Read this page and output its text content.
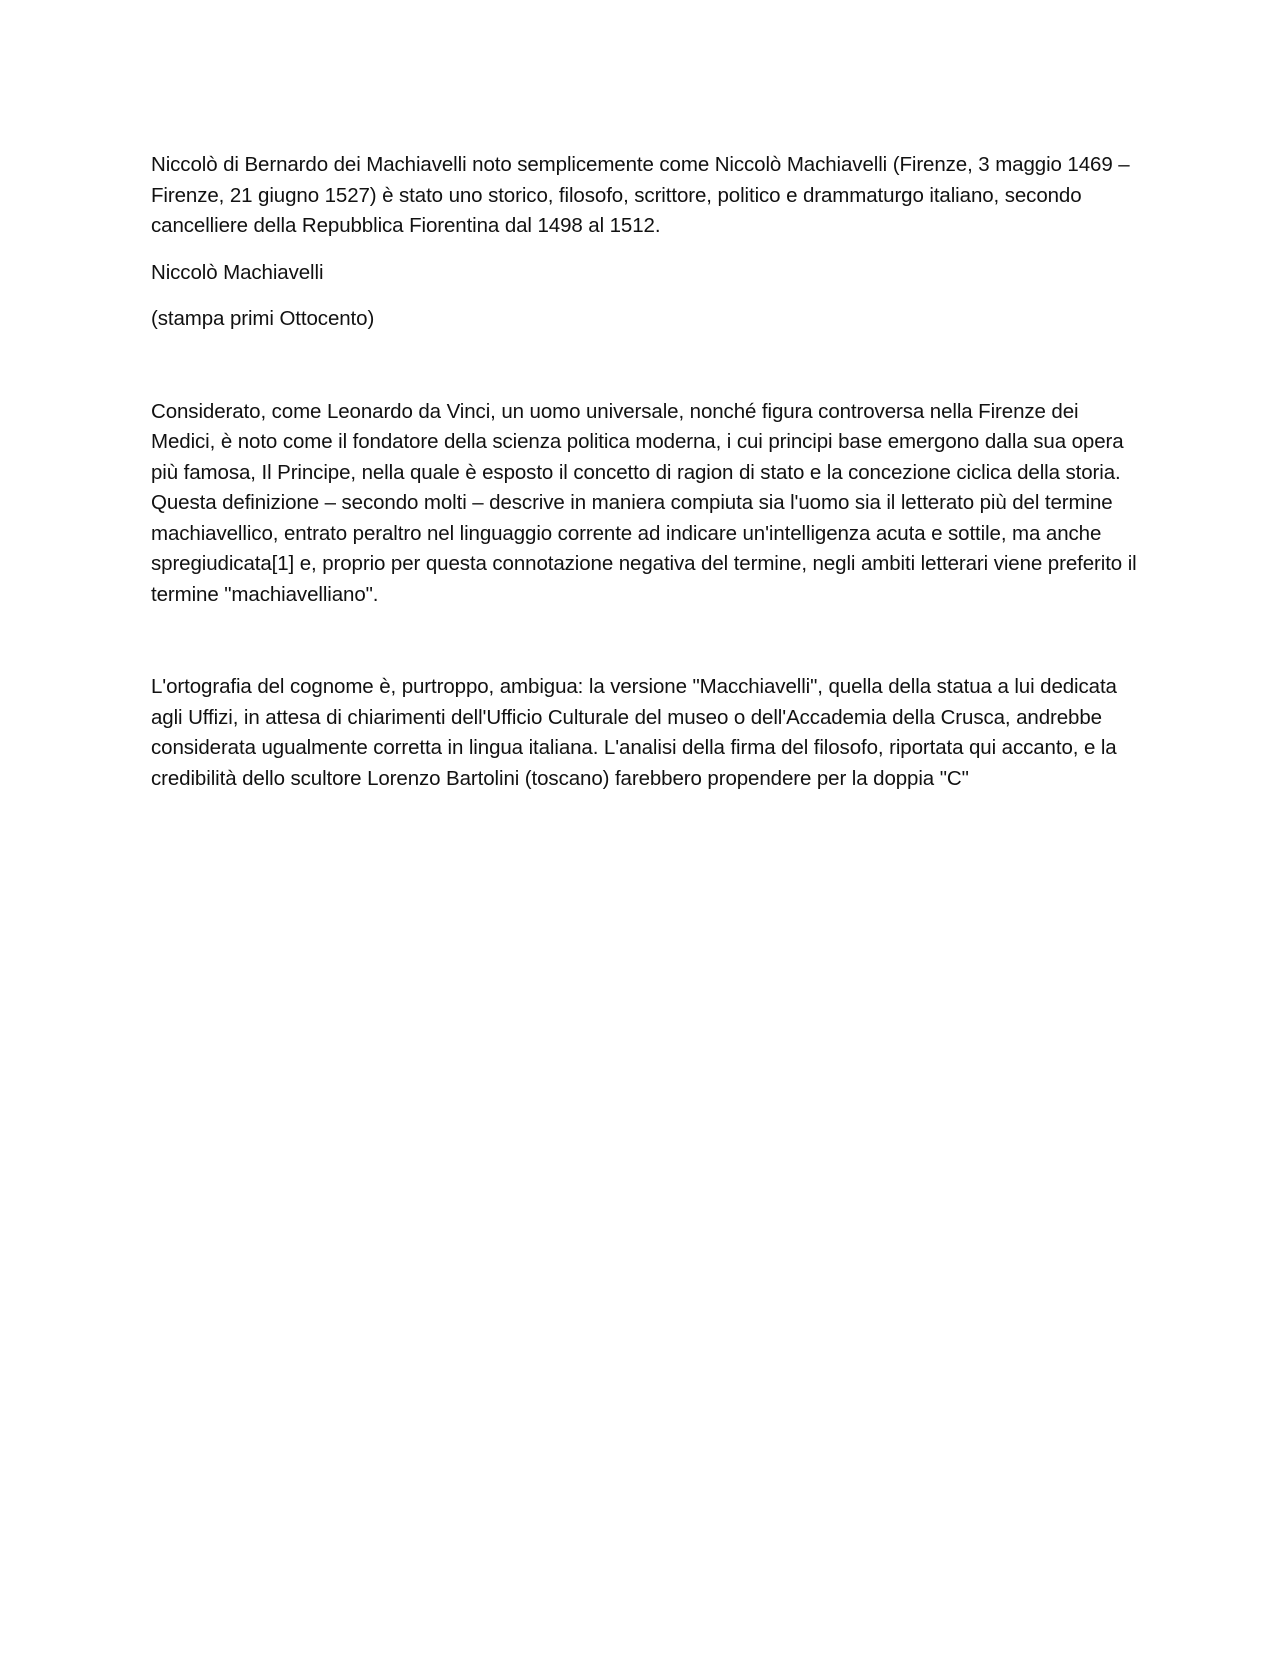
Niccolò di Bernardo dei Machiavelli noto semplicemente come Niccolò Machiavelli (Firenze, 3 maggio 1469 – Firenze, 21 giugno 1527) è stato uno storico, filosofo, scrittore, politico e drammaturgo italiano, secondo cancelliere della Repubblica Fiorentina dal 1498 al 1512.

Niccolò Machiavelli

(stampa primi Ottocento)

Considerato, come Leonardo da Vinci, un uomo universale, nonché figura controversa nella Firenze dei Medici, è noto come il fondatore della scienza politica moderna, i cui principi base emergono dalla sua opera più famosa, Il Principe, nella quale è esposto il concetto di ragion di stato e la concezione ciclica della storia. Questa definizione – secondo molti – descrive in maniera compiuta sia l'uomo sia il letterato più del termine machiavellico, entrato peraltro nel linguaggio corrente ad indicare un'intelligenza acuta e sottile, ma anche spregiudicata[1] e, proprio per questa connotazione negativa del termine, negli ambiti letterari viene preferito il termine "machiavelliano".

L'ortografia del cognome è, purtroppo, ambigua: la versione "Macchiavelli", quella della statua a lui dedicata agli Uffizi, in attesa di chiarimenti dell'Ufficio Culturale del museo o dell'Accademia della Crusca, andrebbe considerata ugualmente corretta in lingua italiana. L'analisi della firma del filosofo, riportata qui accanto, e la credibilità dello scultore Lorenzo Bartolini (toscano) farebbero propendere per la doppia "C"
